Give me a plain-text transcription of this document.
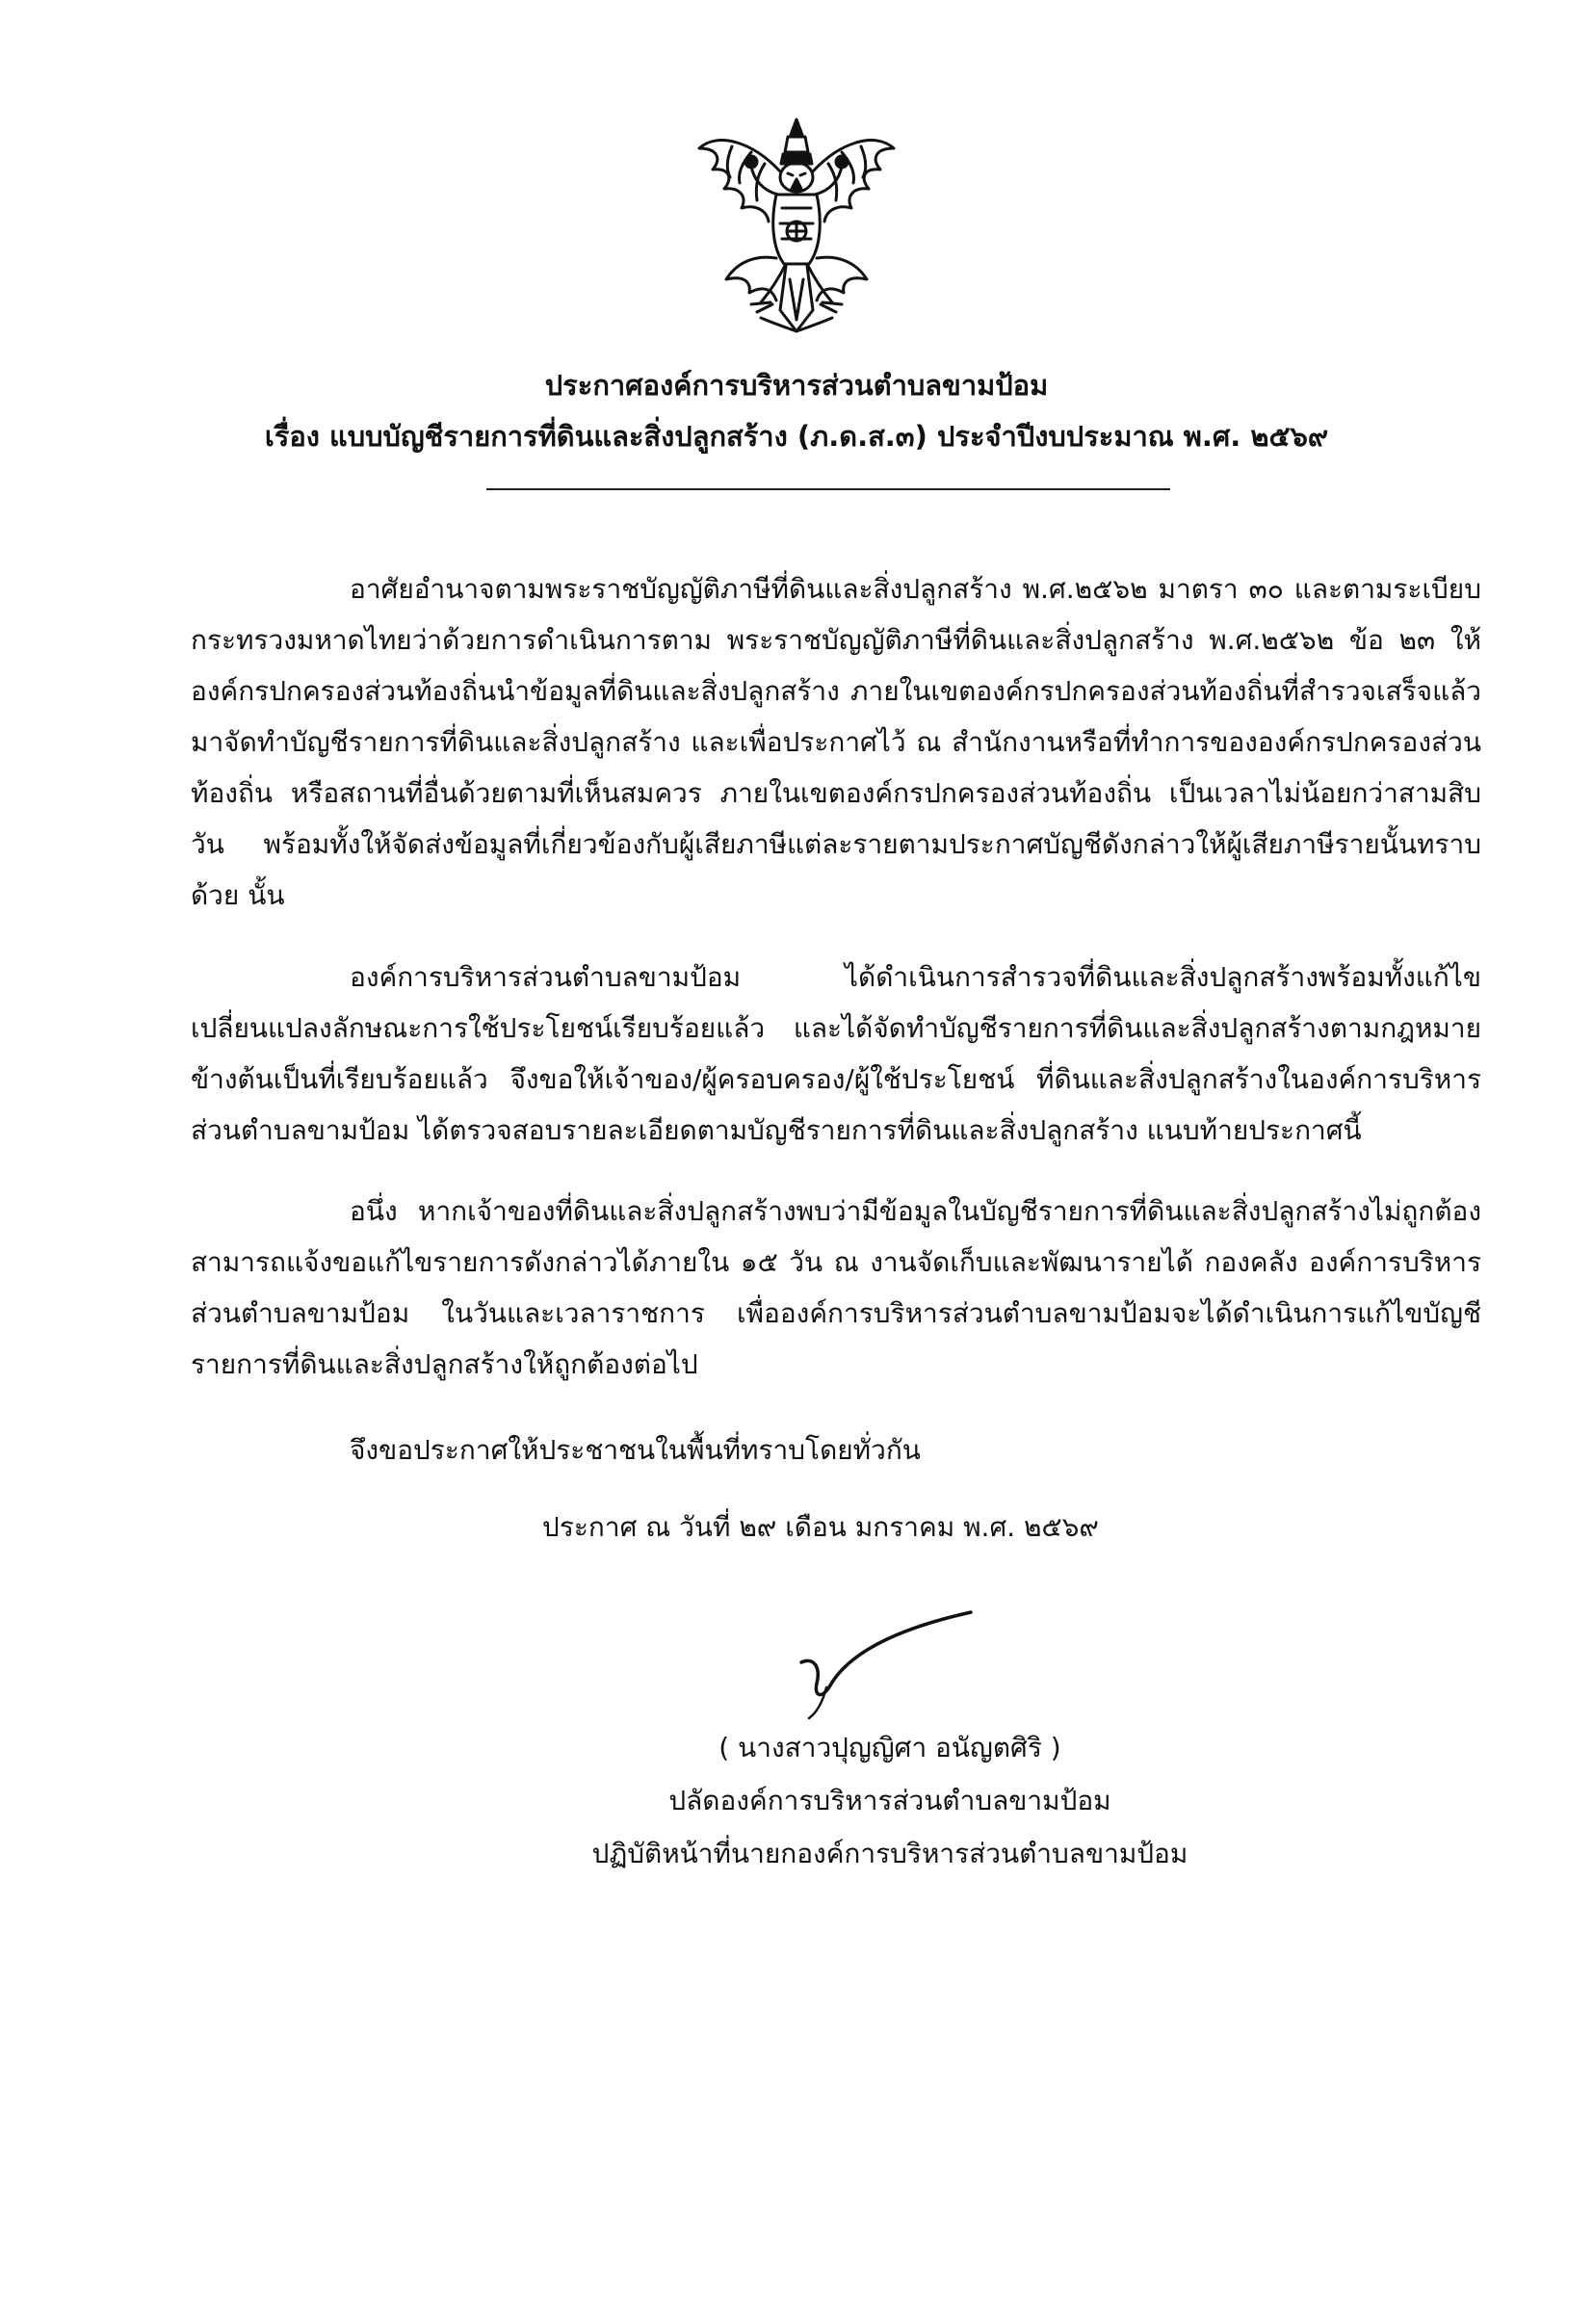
ประกาศองค์การบริหารส่วนตำบลขามป้อม
เรื่อง แบบบัญชีรายการที่ดินและสิ่งปลูกสร้าง (ภ.ด.ส.๓) ประจำปีงบประมาณ พ.ศ. ๒๕๖๙

อาศัยอำนาจตามพระราชบัญญัติภาษีที่ดินและสิ่งปลูกสร้าง พ.ศ.๒๕๖๒ มาตรา ๓๐ และตามระเบียบกระทรวงมหาดไทยว่าด้วยการดำเนินการตาม พระราชบัญญัติภาษีที่ดินและสิ่งปลูกสร้าง พ.ศ.๒๕๖๒ ข้อ ๒๓ ให้องค์กรปกครองส่วนท้องถิ่นนำข้อมูลที่ดินและสิ่งปลูกสร้าง ภายในเขตองค์กรปกครองส่วนท้องถิ่นที่สำรวจเสร็จแล้ว มาจัดทำบัญชีรายการที่ดินและสิ่งปลูกสร้าง และเพื่อประกาศไว้ ณ สำนักงานหรือที่ทำการขององค์กรปกครองส่วนท้องถิ่น หรือสถานที่อื่นด้วยตามที่เห็นสมควร ภายในเขตองค์กรปกครองส่วนท้องถิ่น เป็นเวลาไม่น้อยกว่าสามสิบวัน พร้อมทั้งให้จัดส่งข้อมูลที่เกี่ยวข้องกับผู้เสียภาษีแต่ละรายตามประกาศบัญชีดังกล่าวให้ผู้เสียภาษีรายนั้นทราบด้วย นั้น

องค์การบริหารส่วนตำบลขามป้อม ได้ดำเนินการสำรวจที่ดินและสิ่งปลูกสร้างพร้อมทั้งแก้ไขเปลี่ยนแปลงลักษณะการใช้ประโยชน์เรียบร้อยแล้ว และได้จัดทำบัญชีรายการที่ดินและสิ่งปลูกสร้างตามกฎหมายข้างต้นเป็นที่เรียบร้อยแล้ว จึงขอให้เจ้าของ/ผู้ครอบครอง/ผู้ใช้ประโยชน์ ที่ดินและสิ่งปลูกสร้างในองค์การบริหารส่วนตำบลขามป้อม ได้ตรวจสอบรายละเอียดตามบัญชีรายการที่ดินและสิ่งปลูกสร้าง แนบท้ายประกาศนี้

อนึ่ง หากเจ้าของที่ดินและสิ่งปลูกสร้างพบว่ามีข้อมูลในบัญชีรายการที่ดินและสิ่งปลูกสร้างไม่ถูกต้อง สามารถแจ้งขอแก้ไขรายการดังกล่าวได้ภายใน ๑๕ วัน ณ งานจัดเก็บและพัฒนารายได้ กองคลัง องค์การบริหารส่วนตำบลขามป้อม ในวันและเวลาราชการ เพื่อองค์การบริหารส่วนตำบลขามป้อมจะได้ดำเนินการแก้ไขบัญชีรายการที่ดินและสิ่งปลูกสร้างให้ถูกต้องต่อไป

จึงขอประกาศให้ประชาชนในพื้นที่ทราบโดยทั่วกัน
ประกาศ ณ วันที่ ๒๙ เดือน มกราคม พ.ศ. ๒๕๖๙
( นางสาวปุญญิศา อนัญตศิริ )
ปลัดองค์การบริหารส่วนตำบลขามป้อม
ปฏิบัติหน้าที่นายกองค์การบริหารส่วนตำบลขามป้อม
